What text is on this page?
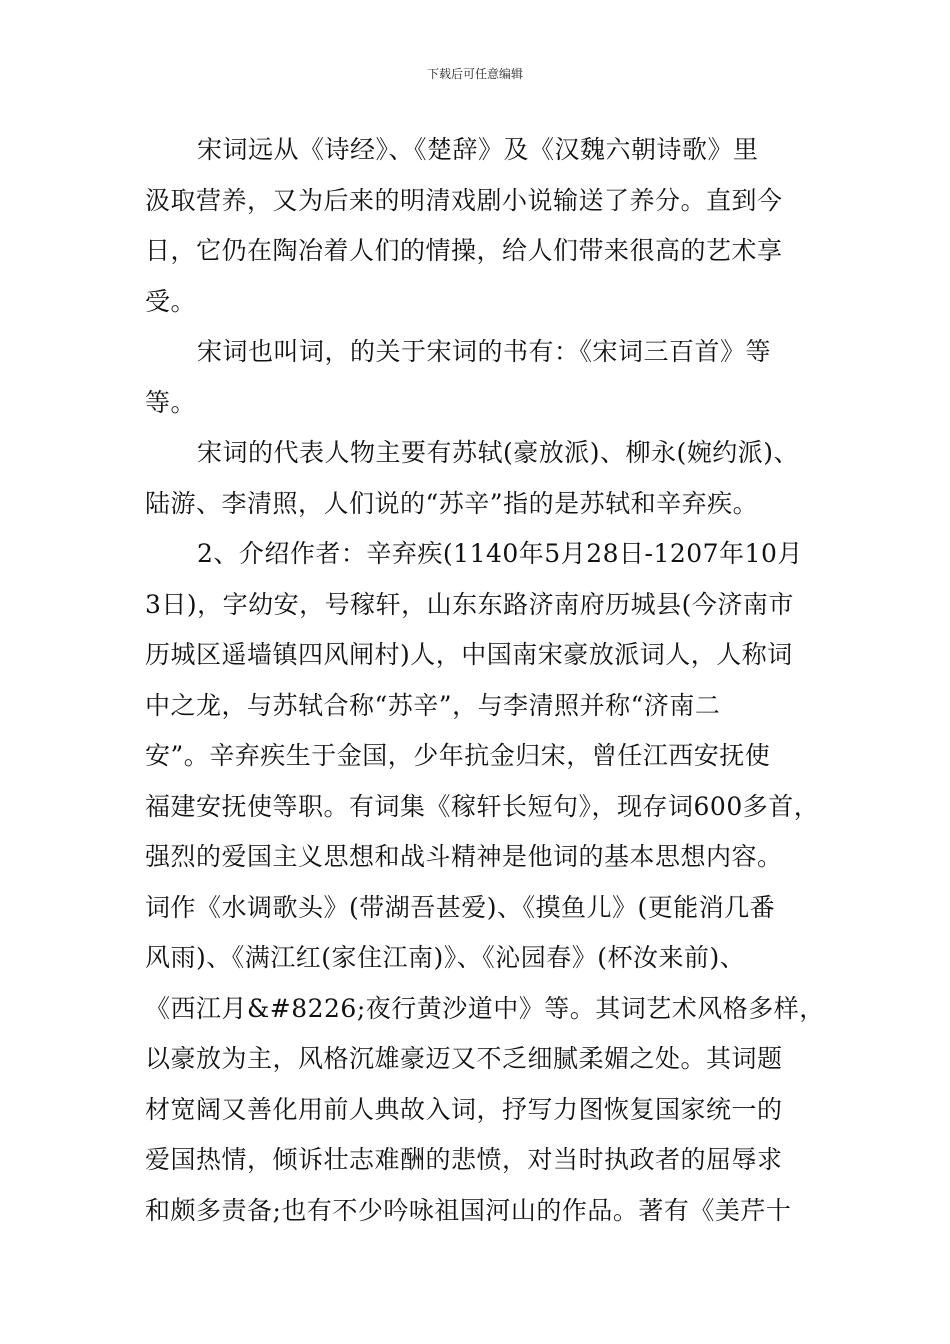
下载后可任意编辑
宋词远从《诗经》、《楚辞》及《汉魏六朝诗歌》里
汲取营养，又为后来的明清戏剧小说输送了养分。直到今
日，它仍在陶冶着人们的情操，给人们带来很高的艺术享
受。
宋词也叫词，的关于宋词的书有：《宋词三百首》等
等。
宋词的代表人物主要有苏轼(豪放派)、柳永(婉约派)、
陆游、李清照，人们说的“苏辛”指的是苏轼和辛弃疾。
2、介绍作者：辛弃疾(1140年5月28日-1207年10月
3日)，字幼安，号稼轩，山东东路济南府历城县(今济南市
历城区遥墙镇四风闸村)人，中国南宋豪放派词人，人称词
中之龙，与苏轼合称“苏辛”，与李清照并称“济南二
安”。辛弃疾生于金国，少年抗金归宋，曾任江西安抚使
福建安抚使等职。有词集《稼轩长短句》，现存词600多首，
强烈的爱国主义思想和战斗精神是他词的基本思想内容。
词作《水调歌头》(带湖吾甚爱)、《摸鱼儿》(更能消几番
风雨)、《满江红(家住江南)》、《沁园春》(杯汝来前)、
《西江月&#8226;夜行黄沙道中》等。其词艺术风格多样，
以豪放为主，风格沉雄豪迈又不乏细腻柔媚之处。其词题
材宽阔又善化用前人典故入词，抒写力图恢复国家统一的
爱国热情，倾诉壮志难酬的悲愤，对当时执政者的屈辱求
和颇多责备;也有不少吟咏祖国河山的作品。著有《美芹十
